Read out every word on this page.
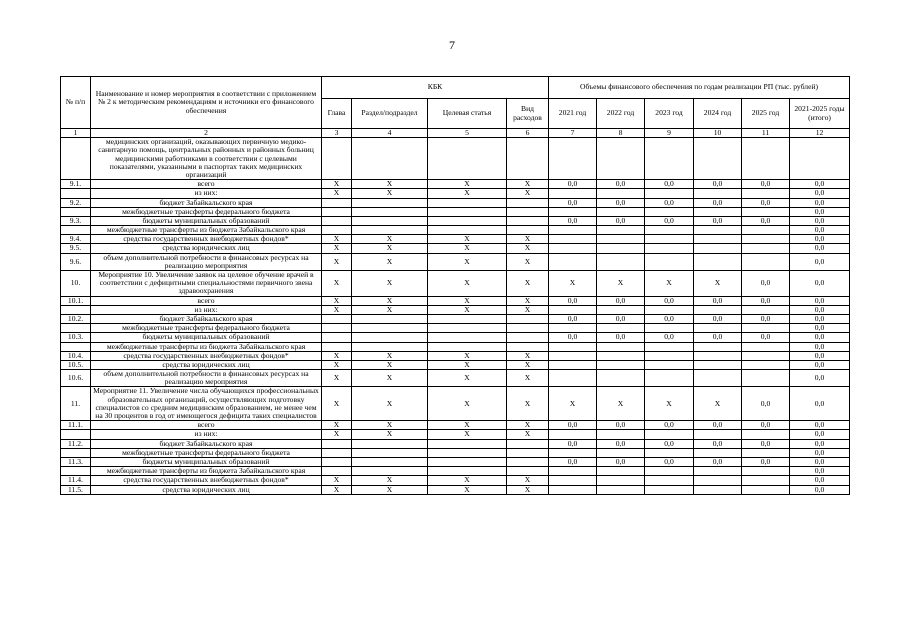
7
№ п/п	Наименование и номер мероприятия в соответствии с приложением № 2 к методическим рекомендациям и источники его финансового обеспечения	КБК				Объемы финансового обеспечения по годам реализации РП (тыс. рублей)					
		Глава	Раздел/подраздел	Целевая статья	Вид расходов	2021 год	2022 год	2023 год	2024 год	2025 год	2021-2025 годы (итого)
1	2	3	4	5	6	7	8	9	10	11	12
	медицинских организаций, оказывающих первичную медико-санитарную помощь, центральных районных и районных больниц медицинскими работниками в соответствии с целевыми показателями, указанными в паспортах таких медицинских организаций										
9.1.	всего	X	X	X	X	0,0	0,0	0,0	0,0	0,0	0,0
	из них:	X	X	X	X						0,0
9.2.	бюджет Забайкальского края					0,0	0,0	0,0	0,0	0,0	0,0
	межбюджетные трансферты федерального бюджета										0,0
9.3.	бюджеты муниципальных образований					0,0	0,0	0,0	0,0	0,0	0,0
	межбюджетные трансферты из бюджета Забайкальского края										0,0
9.4.	средства государственных внебюджетных фондов*	X	X	X	X						0,0
9.5.	средства юридических лиц	X	X	X	X						0,0
9.6.	объем дополнительной потребности в финансовых ресурсах на реализацию мероприятия	X	X	X	X						0,0
10.	Мероприятие 10. Увеличение заявок на целевое обучение врачей в соответствии с дефицитными специальностями первичного звена здравоохранения	X	X	X	X	X	X	X	X	0,0	0,0
10.1.	всего	X	X	X	X	0,0	0,0	0,0	0,0	0,0	0,0
	из них:	X	X	X	X						0,0
10.2.	бюджет Забайкальского края					0,0	0,0	0,0	0,0	0,0	0,0
	межбюджетные трансферты федерального бюджета										0,0
10.3.	бюджеты муниципальных образований					0,0	0,0	0,0	0,0	0,0	0,0
	межбюджетные трансферты из бюджета Забайкальского края										0,0
10.4.	средства государственных внебюджетных фондов*	X	X	X	X						0,0
10.5.	средства юридических лиц	X	X	X	X						0,0
10.6.	объем дополнительной потребности в финансовых ресурсах на реализацию мероприятия	X	X	X	X						0,0
11.	Мероприятие 11. Увеличение числа обучающихся профессиональных образовательных организаций, осуществляющих подготовку специалистов со средним медицинским образованием, не менее чем на 30 процентов в год от имеющегося дефицита таких специалистов	X	X	X	X	X	X	X	X	0,0	0,0
11.1.	всего	X	X	X	X	0,0	0,0	0,0	0,0	0,0	0,0
	из них:	X	X	X	X						0,0
11.2.	бюджет Забайкальского края					0,0	0,0	0,0	0,0	0,0	0,0
	межбюджетные трансферты федерального бюджета										0,0
11.3.	бюджеты муниципальных образований					0,0	0,0	0,0	0,0	0,0	0,0
	межбюджетные трансферты из бюджета Забайкальского края										0,0
11.4.	средства государственных внебюджетных фондов*	X	X	X	X						0,0
11.5.	средства юридических лиц	X	X	X	X						0,0
